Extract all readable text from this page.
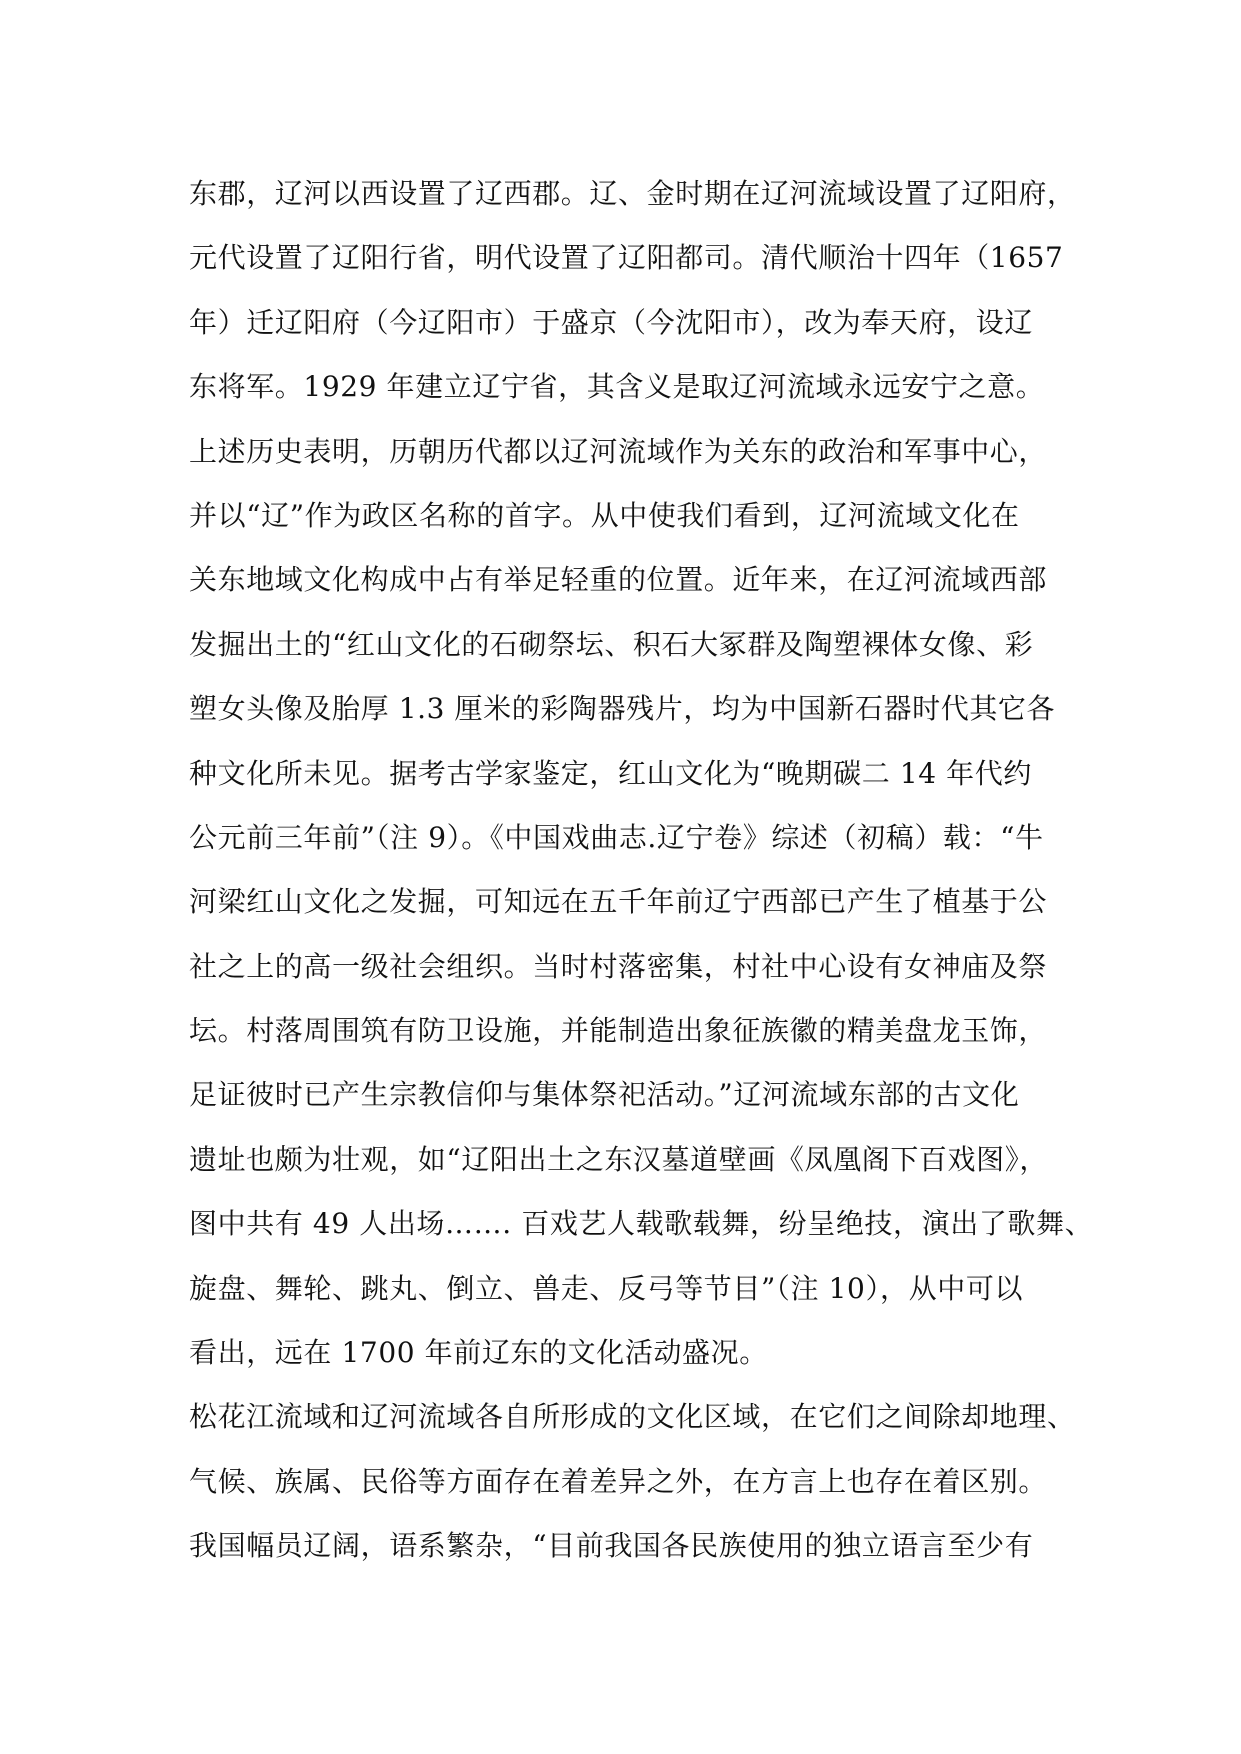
东郡，辽河以西设置了辽西郡。辽、金时期在辽河流域设置了辽阳府，
元代设置了辽阳行省，明代设置了辽阳都司。清代顺治十四年（1657
年）迁辽阳府（今辽阳市）于盛京（今沈阳市），改为奉天府，设辽
东将军。1929 年建立辽宁省，其含义是取辽河流域永远安宁之意。
上述历史表明，历朝历代都以辽河流域作为关东的政治和军事中心，
并以“辽”作为政区名称的首字。从中使我们看到，辽河流域文化在
关东地域文化构成中占有举足轻重的位置。近年来，在辽河流域西部
发掘出土的“红山文化的石砌祭坛、积石大冢群及陶塑裸体女像、彩
塑女头像及胎厚 1.3 厘米的彩陶器残片，均为中国新石器时代其它各
种文化所未见。据考古学家鉴定，红山文化为“晚期碳二 14 年代约
公元前三年前”（注 9）。《中国戏曲志.辽宁卷》综述（初稿）载：“牛
河梁红山文化之发掘，可知远在五千年前辽宁西部已产生了植基于公
社之上的高一级社会组织。当时村落密集，村社中心设有女神庙及祭
坛。村落周围筑有防卫设施，并能制造出象征族徽的精美盘龙玉饰，
足证彼时已产生宗教信仰与集体祭祀活动。”辽河流域东部的古文化
遗址也颇为壮观，如“辽阳出土之东汉墓道壁画《凤凰阁下百戏图》，
图中共有 49 人出场……. 百戏艺人载歌载舞，纷呈绝技，演出了歌舞、
旋盘、舞轮、跳丸、倒立、兽走、反弓等节目”（注 10），从中可以
看出，远在 1700 年前辽东的文化活动盛况。
松花江流域和辽河流域各自所形成的文化区域，在它们之间除却地理、
气候、族属、民俗等方面存在着差异之外，在方言上也存在着区别。
我国幅员辽阔，语系繁杂，“目前我国各民族使用的独立语言至少有
